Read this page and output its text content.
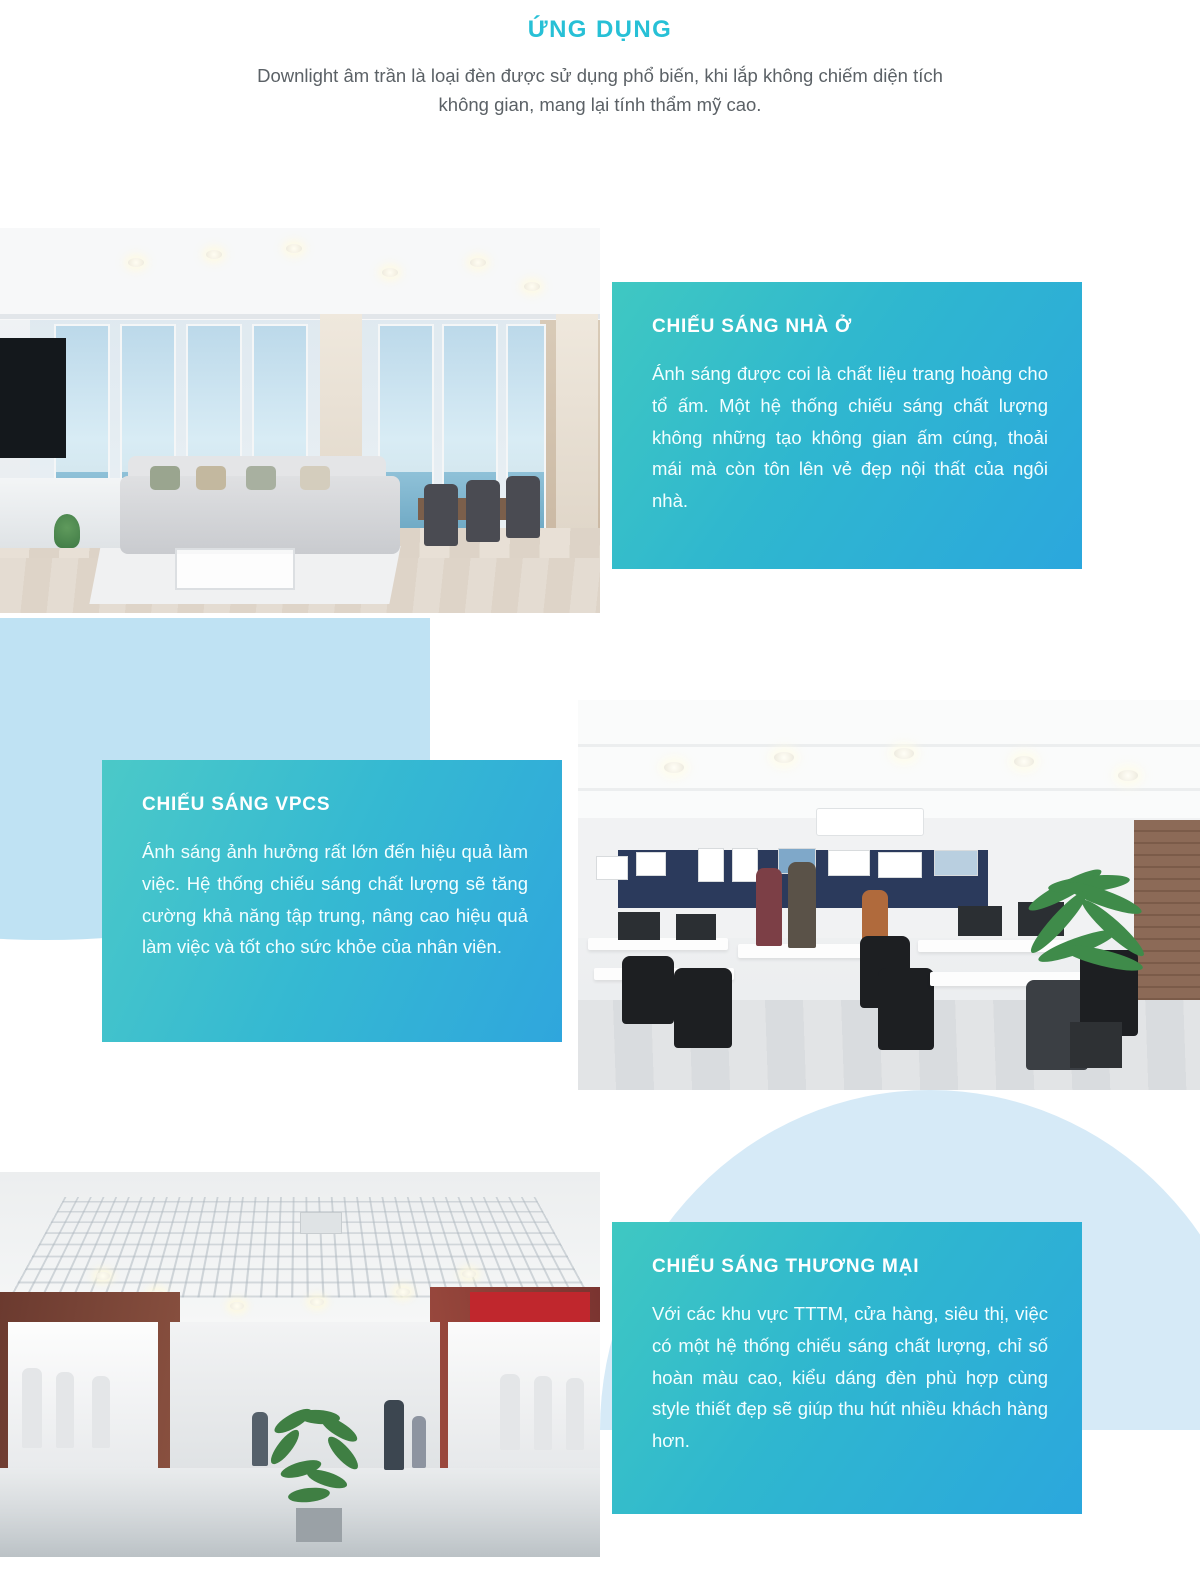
ỨNG DỤNG
Downlight âm trần là loại đèn được sử dụng phổ biến, khi lắp không chiếm diện tích không gian, mang lại tính thẩm mỹ cao.
CHIẾU SÁNG NHÀ Ở
Ánh sáng được coi là chất liệu trang hoàng cho tổ ấm. Một hệ thống chiếu sáng chất lượng không những tạo không gian ấm cúng, thoải mái mà còn tôn lên vẻ đẹp nội thất của ngôi nhà.
CHIẾU SÁNG VPCS
Ánh sáng ảnh hưởng rất lớn đến hiệu quả làm việc. Hệ thống chiếu sáng chất lượng sẽ tăng cường khả năng tập trung, nâng cao hiệu quả làm việc và tốt cho sức khỏe của nhân viên.
CHIẾU SÁNG THƯƠNG MẠI
Với các khu vực TTTM, cửa hàng, siêu thị, việc có một hệ thống chiếu sáng chất lượng, chỉ số hoàn màu cao, kiểu dáng đèn phù hợp cùng style thiết đẹp sẽ giúp thu hút nhiều khách hàng hơn.
